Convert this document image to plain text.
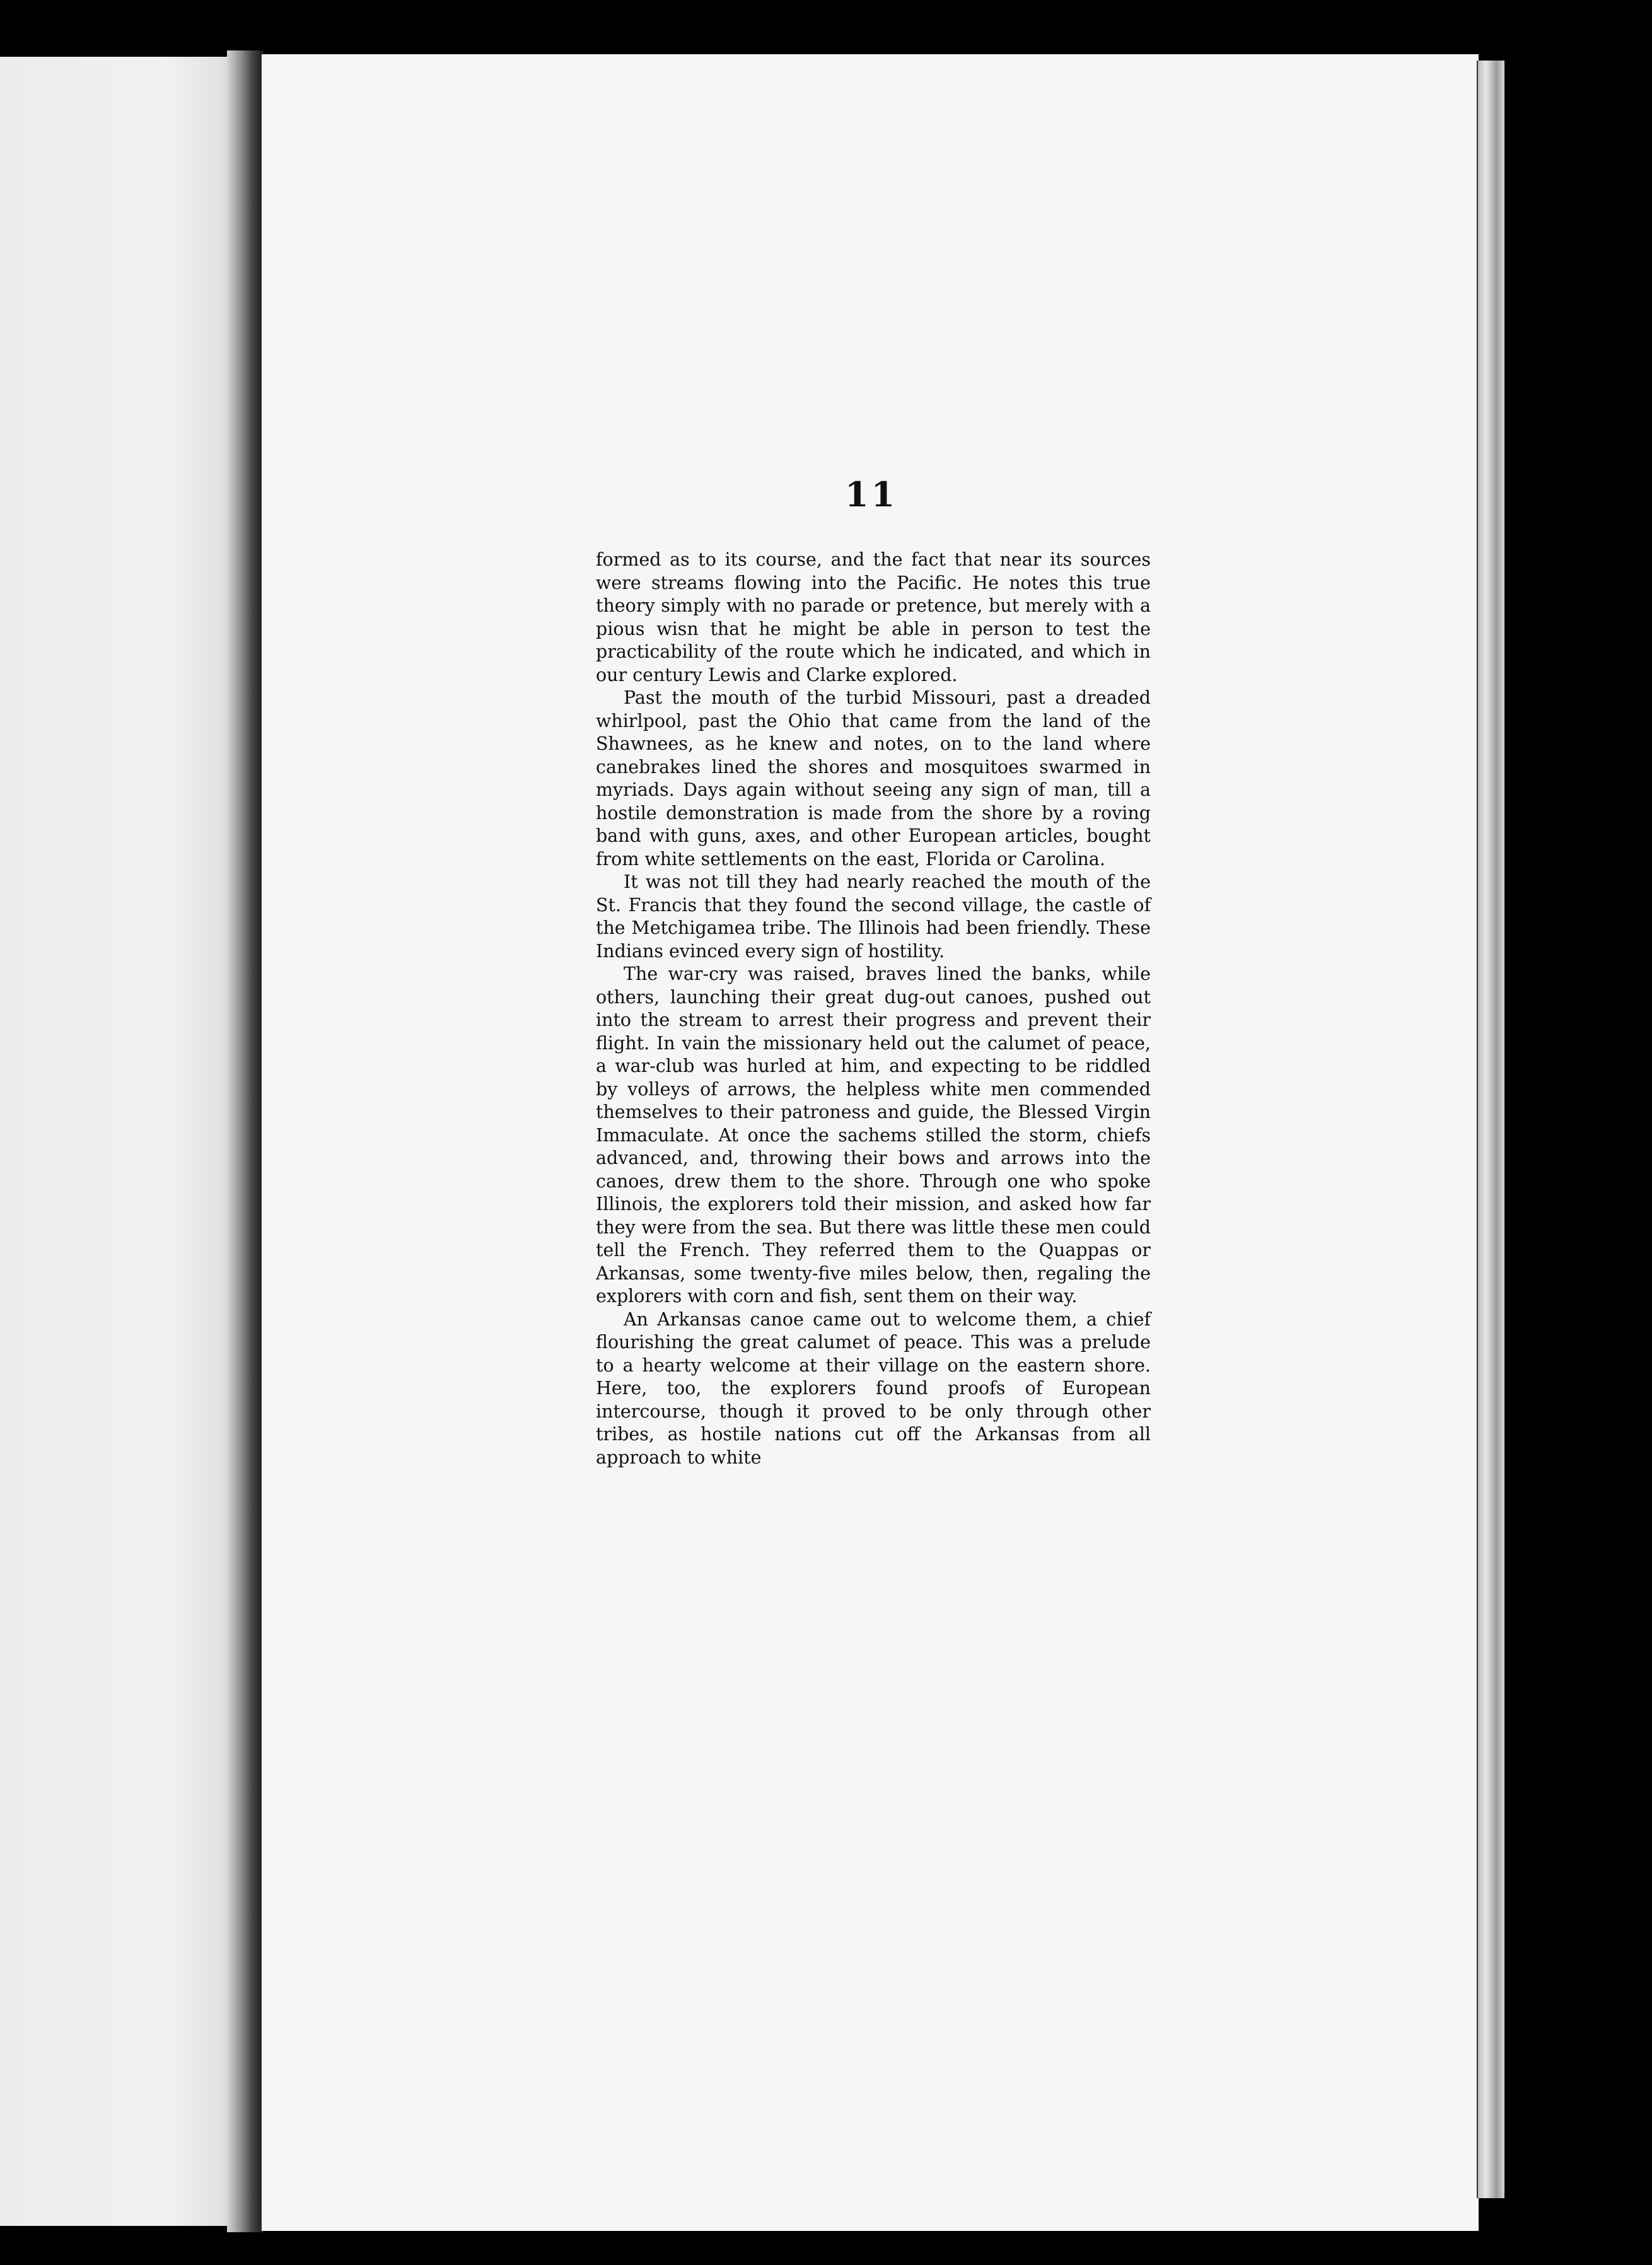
11

formed as to its course, and the fact that near its sources were streams flowing into the Pacific. He notes this true theory simply with no parade or pretence, but merely with a pious wisn that he might be able in person to test the practicability of the route which he indicated, and which in our century Lewis and Clarke explored.

Past the mouth of the turbid Missouri, past a dreaded whirlpool, past the Ohio that came from the land of the Shawnees, as he knew and notes, on to the land where canebrakes lined the shores and mosquitoes swarmed in myriads. Days again without seeing any sign of man, till a hostile demonstration is made from the shore by a roving band with guns, axes, and other European articles, bought from white settlements on the east, Florida or Carolina.

It was not till they had nearly reached the mouth of the St. Francis that they found the second village, the castle of the Metchigamea tribe. The Illinois had been friendly. These Indians evinced every sign of hostility.

The war-cry was raised, braves lined the banks, while others, launching their great dug-out canoes, pushed out into the stream to arrest their progress and prevent their flight. In vain the missionary held out the calumet of peace, a war-club was hurled at him, and expecting to be riddled by volleys of arrows, the helpless white men commended themselves to their patroness and guide, the Blessed Virgin Immaculate. At once the sachems stilled the storm, chiefs advanced, and, throwing their bows and arrows into the canoes, drew them to the shore. Through one who spoke Illinois, the explorers told their mission, and asked how far they were from the sea. But there was little these men could tell the French. They referred them to the Quappas or Arkansas, some twenty-five miles below, then, regaling the explorers with corn and fish, sent them on their way.

An Arkansas canoe came out to welcome them, a chief flourishing the great calumet of peace. This was a prelude to a hearty welcome at their village on the eastern shore. Here, too, the explorers found proofs of European intercourse, though it proved to be only through other tribes, as hostile nations cut off the Arkansas from all approach to white
